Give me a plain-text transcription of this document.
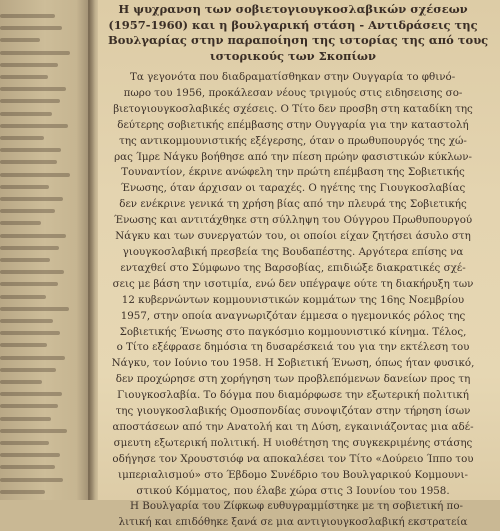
Η ψυχρανση των σοβιετογιουγκοσλαβικών σχέσεων
(1957-1960) και η βουλγαρική στάση - Αντιδράσεις της
Βουλγαρίας στην παραποίηση της ιστορίας της από τους
ιστορικούς των Σκοπίων
Τα γεγονότα που διαδραματίσθηκαν στην Ουγγαρία το φθινό-
πωρο του 1956, προκάλεσαν νέους τριγμούς στις ειδησεισης σο-
βιετογιουγκοσλαβικές σχέσεις. Ο Τίτο δεν προσβη στη καταδίκη της
δεύτερης σοβιετικής επέμβασης στην Ουγγαρία για την καταστολή
της αντικομμουνιστικής εξέγερσης, όταν ο πρωθυπουργός της χώ-
ρας Ίμρε Νάγκυ βοήθησε από την πίεση πρώην φασιστικών κύκλων-
Τουναντίον, έκρινε ανώφελη την πρώτη επέμβαση της Σοβιετικής
Ένωσης, όταν άρχισαν οι ταραχές. Ο ηγέτης της Γιουγκοσλαβίας
δεν ενέκρινε γενικά τη χρήση βίας από την πλευρά της Σοβιετικής
Ένωσης και αντιτάχθηκε στη σύλληψη του Ούγγρου Πρωθυπουργού
Νάγκυ και των συνεργατών του, οι οποίοι είχαν ζητήσει άσυλο στη
γιουγκοσλαβική πρεσβεία της Βουδαπέστης. Αργότερα επίσης να
ενταχθεί στο Σύμφωνο της Βαρσοβίας, επιδιώξε διακρατικές σχέ-
σεις με βάση την ισοτιμία, ενώ δεν υπέγραψε ούτε τη διακήρυξη των
12 κυβερνώντων κομμουνιστικών κομμάτων της 16ης Νοεμβρίου
1957, στην οποία αναγνωριζόταν έμμεσα ο ηγεμονικός ρόλος της
Σοβιετικής Ένωσης στο παγκόσμιο κομμουνιστικό κίνημα. Τέλος,
ο Τίτο εξέφρασε δημόσια τη δυσαρέσκειά του για την εκτέλεση του
Νάγκυ, τον Ιούνιο του 1958. Η Σοβιετική Ένωση, όπως ήταν φυσικό,
δεν προχώρησε στη χορήγηση των προβλεπόμενων δανείων προς τη
Γιουγκοσλαβία. Το δόγμα που διαμόρφωσε την εξωτερική πολιτική
της γιουγκοσλαβικής Ομοσπονδίας συνοψιζόταν στην τήρηση ίσων
αποστάσεων από την Ανατολή και τη Δύση, εγκαινιάζοντας μια αδέ-
σμευτη εξωτερική πολιτική. Η υιοθέτηση της συγκεκριμένης στάσης
οδήγησε τον Χρουστσιόφ να αποκαλέσει τον Τίτο «Δούρειο Ίππο του
ιμπεριαλισμού» στο Έβδομο Συνέδριο του Βουλγαρικού Κομμουνι-
στικού Κόμματος, που έλαβε χώρα στις 3 Ιουνίου του 1958.
Η Βουλγαρία του Ζίφκωφ ευθυγραμμίστηκε με τη σοβιετική πο-
λιτική και επιδόθηκε ξανά σε μια αντιγιουγκοσλαβική εκστρατεία
